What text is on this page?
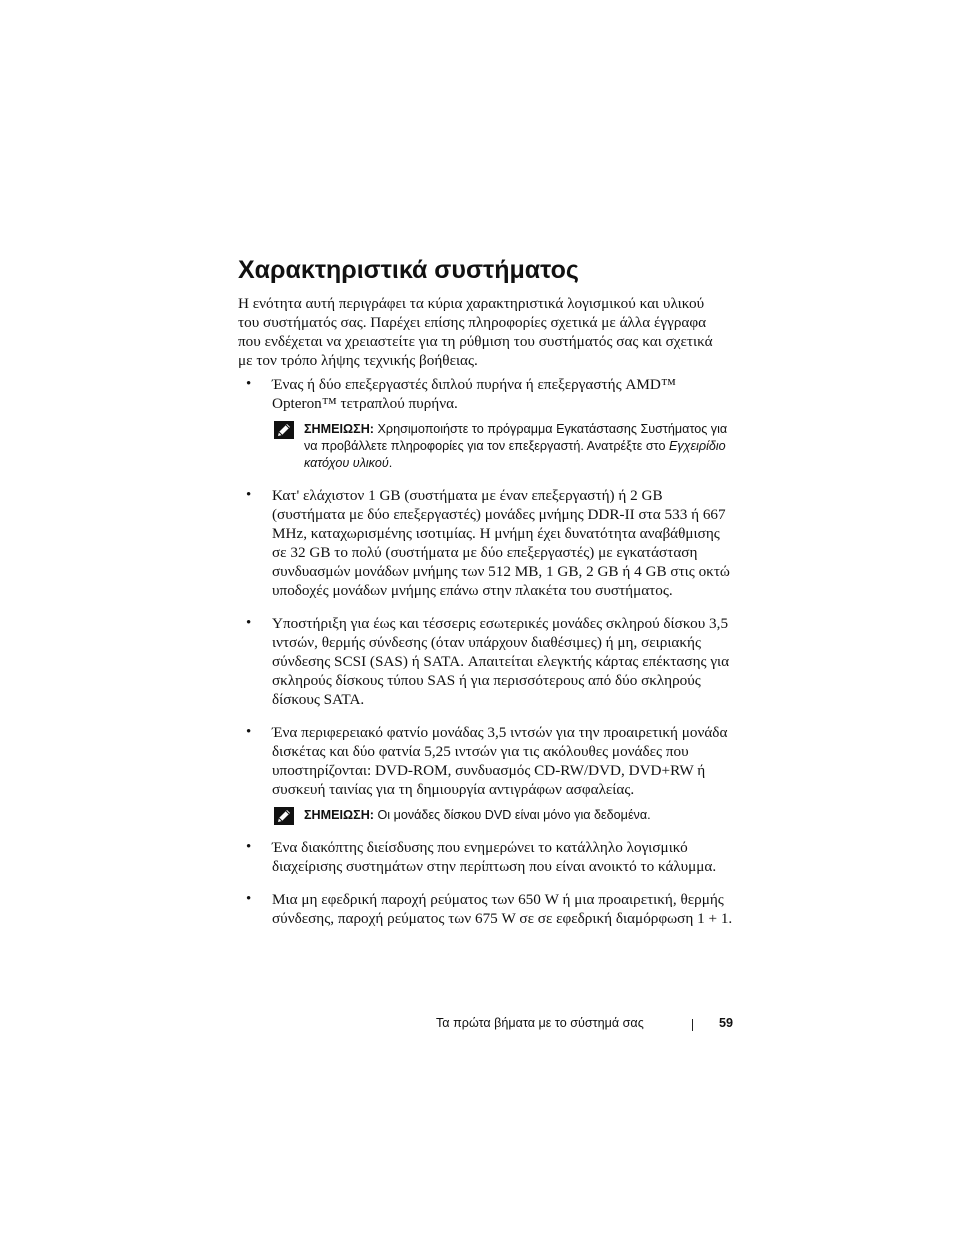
Χαρακτηριστικά συστήματος

Η ενότητα αυτή περιγράφει τα κύρια χαρακτηριστικά λογισμικού και υλικού του συστήματός σας. Παρέχει επίσης πληροφορίες σχετικά με άλλα έγγραφα που ενδέχεται να χρειαστείτε για τη ρύθμιση του συστήματός σας και σχετικά με τον τρόπο λήψης τεχνικής βοήθειας.

• Ένας ή δύο επεξεργαστές διπλού πυρήνα ή επεξεργαστής AMD™ Opteron™ τετραπλού πυρήνα.
ΣΗΜΕΙΩΣΗ: Χρησιμοποιήστε το πρόγραμμα Εγκατάστασης Συστήματος για να προβάλλετε πληροφορίες για τον επεξεργαστή. Ανατρέξτε στο Εγχειρίδιο κατόχου υλικού.
• Κατ' ελάχιστον 1 GB (συστήματα με έναν επεξεργαστή) ή 2 GB (συστήματα με δύο επεξεργαστές) μονάδες μνήμης DDR-II στα 533 ή 667 MHz, καταχωρισμένης ισοτιμίας. Η μνήμη έχει δυνατότητα αναβάθμισης σε 32 GB το πολύ (συστήματα με δύο επεξεργαστές) με εγκατάσταση συνδυασμών μονάδων μνήμης των 512 MB, 1 GB, 2 GB ή 4 GB στις οκτώ υποδοχές μονάδων μνήμης επάνω στην πλακέτα του συστήματος.
• Υποστήριξη για έως και τέσσερις εσωτερικές μονάδες σκληρού δίσκου 3,5 ιντσών, θερμής σύνδεσης (όταν υπάρχουν διαθέσιμες) ή μη, σειριακής σύνδεσης SCSI (SAS) ή SATA. Απαιτείται ελεγκτής κάρτας επέκτασης για σκληρούς δίσκους τύπου SAS ή για περισσότερους από δύο σκληρούς δίσκους SATA.
• Ένα περιφερειακό φατνίο μονάδας 3,5 ιντσών για την προαιρετική μονάδα δισκέτας και δύο φατνία 5,25 ιντσών για τις ακόλουθες μονάδες που υποστηρίζονται: DVD-ROM, συνδυασμός CD-RW/DVD, DVD+RW ή συσκευή ταινίας για τη δημιουργία αντιγράφων ασφαλείας.
ΣΗΜΕΙΩΣΗ: Οι μονάδες δίσκου DVD είναι μόνο για δεδομένα.
• Ένα διακόπτης διείσδυσης που ενημερώνει το κατάλληλο λογισμικό διαχείρισης συστημάτων στην περίπτωση που είναι ανοικτό το κάλυμμα.
• Μια μη εφεδρική παροχή ρεύματος των 650 W ή μια προαιρετική, θερμής σύνδεσης, παροχή ρεύματος των 675 W σε σε εφεδρική διαμόρφωση 1 + 1.
Τα πρώτα βήματα με το σύστημά σας	59
